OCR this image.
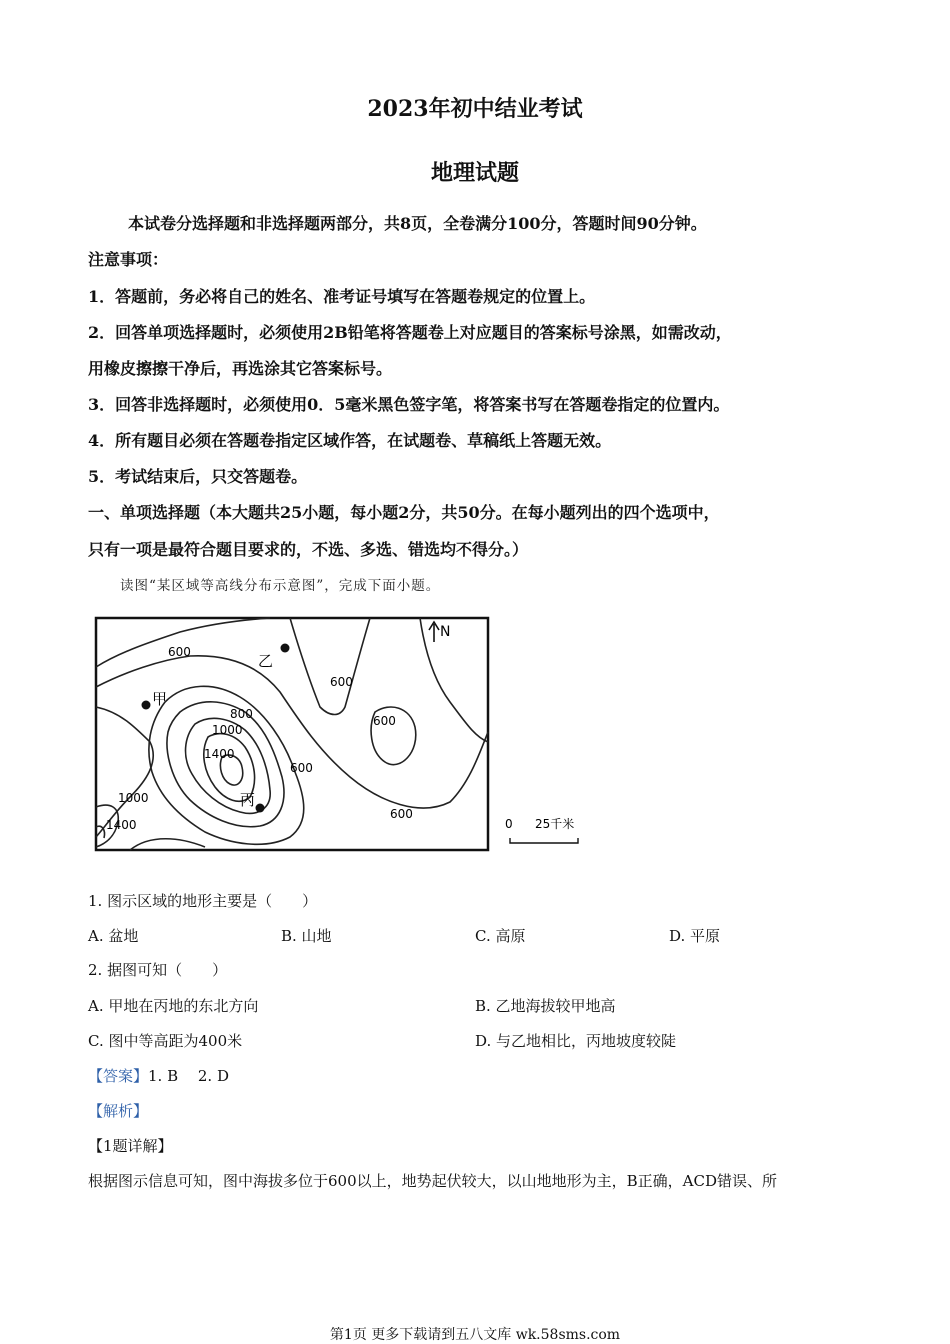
2023年初中结业考试
地理试题
本试卷分选择题和非选择题两部分，共8页，全卷满分100分，答题时间90分钟。
注意事项：
1．答题前，务必将自己的姓名、准考证号填写在答题卷规定的位置上。
2．回答单项选择题时，必须使用2B铅笔将答题卷上对应题目的答案标号涂黑，如需改动，
用橡皮擦擦干净后，再选涂其它答案标号。
3．回答非选择题时，必须使用0．5毫米黑色签字笔，将答案书写在答题卷指定的位置内。
4．所有题目必须在答题卷指定区域作答，在试题卷、草稿纸上答题无效。
5．考试结束后，只交答题卷。
一、单项选择题（本大题共25小题，每小题2分，共50分。在每小题列出的四个选项中，
只有一项是最符合题目要求的，不选、多选、错选均不得分。）
读图“某区域等高线分布示意图”，完成下面小题。
600
600
600
800
1000
1400
600
600
1000
1400
甲
乙
丙
N
0 25千米
1. 图示区域的地形主要是（　　）
A. 盆地	B. 山地	C. 高原	D. 平原
2. 据图可知（　　）
A. 甲地在丙地的东北方向	B. 乙地海拔较甲地高
C. 图中等高距为400米	D. 与乙地相比，丙地坡度较陡
【答案】1. B　 2. D
【解析】
【1题详解】
根据图示信息可知，图中海拔多位于600以上，地势起伏较大，以山地地形为主，B正确，ACD错误、所
第1页 更多下载请到五八文库 wk.58sms.com
